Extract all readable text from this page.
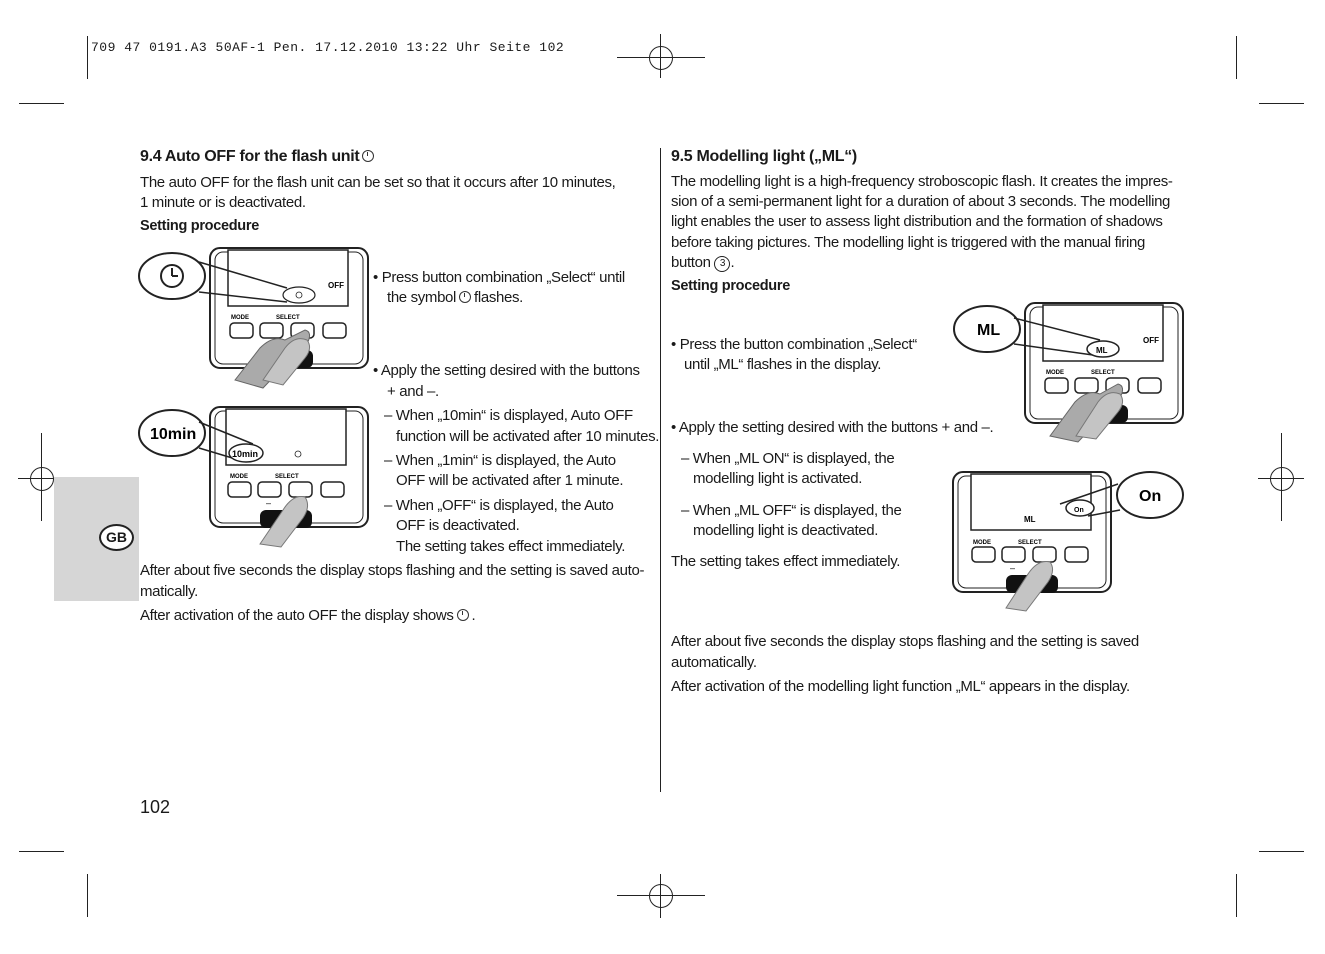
709 47 0191.A3 50AF-1 Pen. 17.12.2010 13:22 Uhr Seite 102
GB
9.4 Auto OFF for the flash unit
The auto OFF for the flash unit can be set so that it occurs after 10 minutes,
1 minute or is deactivated.
Setting procedure
OFF
MODE	SELECT
• Press button combination „Select“ until
the symbol flashes.
• Apply the setting desired with the buttons
+ and –.
10min
10min
MODE	SELECT
–
– When „10min“ is displayed, Auto OFF
function will be activated after 10 minutes.
– When „1min“ is displayed, the Auto
OFF will be activated after 1 minute.
– When „OFF“ is displayed, the Auto
OFF is deactivated.
The setting takes effect immediately.
After about five seconds the display stops flashing and the setting is saved auto-
matically.
After activation of the auto OFF the display shows .
102
9.5 Modelling light („ML“)
The modelling light is a high-frequency stroboscopic flash. It creates the impres-
sion of a semi-permanent light for a duration of about 3 seconds. The modelling
light enables the user to assess light distribution and the formation of shadows
before taking pictures. The modelling light is triggered with the manual firing
button 3 .
Setting procedure
• Press the button combination „Select“
until „ML“ flashes in the display.
ML
ML
OFF
MODE	SELECT
• Apply the setting desired with the buttons + and –.
– When „ML ON“ is displayed, the
modelling light is activated.
– When „ML OFF“ is displayed, the
modelling light is deactivated.
The setting takes effect immediately.
On
On
ML
MODE	SELECT
–
After about five seconds the display stops flashing and the setting is saved
automatically.
After activation of the modelling light function „ML“ appears in the display.
